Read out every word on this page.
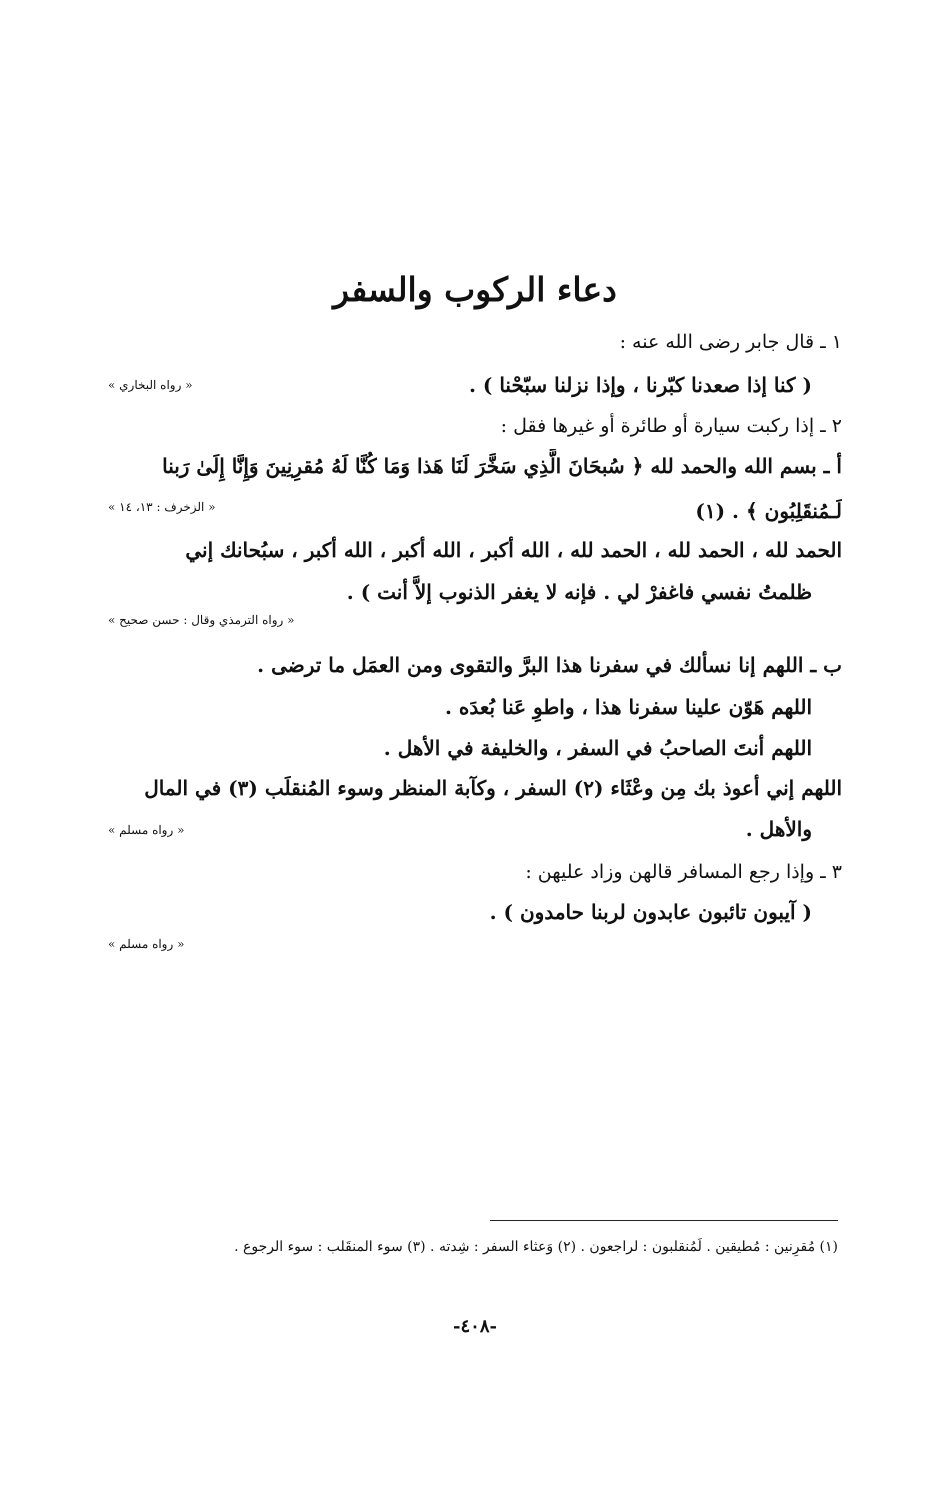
دعاء الركوب والسفر
١ ـ قال جابر رضى الله عنه :
( كنا إذا صعدنا كبّرنا ، وإذا نزلنا سبّحْنا ) .
« رواه البخاري »
٢ ـ إذا ركبت سيارة أو طائرة أو غيرها فقل :
أ ـ بسم الله والحمد لله ﴿ سُبحَانَ الَّذِي سَخَّرَ لَنَا هَذا وَمَا كُنَّا لَهُ مُقرِنِينَ وَإِنَّا إِلَىٰ رَبنا
لَـمُنقَلِبُون ﴾ . (١)
« الزخرف : ١٣، ١٤ »
الحمد لله ، الحمد لله ، الحمد لله ، الله أكبر ، الله أكبر ، الله أكبر ، سبُحانك إني
ظلمتُ نفسي فاغفرْ لي . فإنه لا يغفر الذنوب إلاَّ أنت ) .
« رواه الترمذي وقال : حسن صحيح »
ب ـ اللهم إنا نسألك في سفرنا هذا البرَّ والتقوى ومن العمَل ما ترضى .
اللهم هَوّن علينا سفرنا هذا ، واطوِ عَنا بُعدَه .
اللهم أنتَ الصاحبُ في السفر ، والخليفة في الأهل .
اللهم إني أعوذ بك مِن وعْثَاء (٢) السفر ، وكآبة المنظر وسوء المُنقلَب (٣) في المال
والأهل .
« رواه مسلم »
٣ ـ وإذا رجع المسافر قالهن وزاد عليهن :
( آيبون تائبون عابدون لربنا حامدون ) .
« رواه مسلم »
(١) مُقرِنين : مُطيقين . لَمُنقلبون : لراجعون . (٢) وَعثاء السفر : شِدته . (٣) سوء المنقَلب : سوء الرجوع .
-٤٠٨-
